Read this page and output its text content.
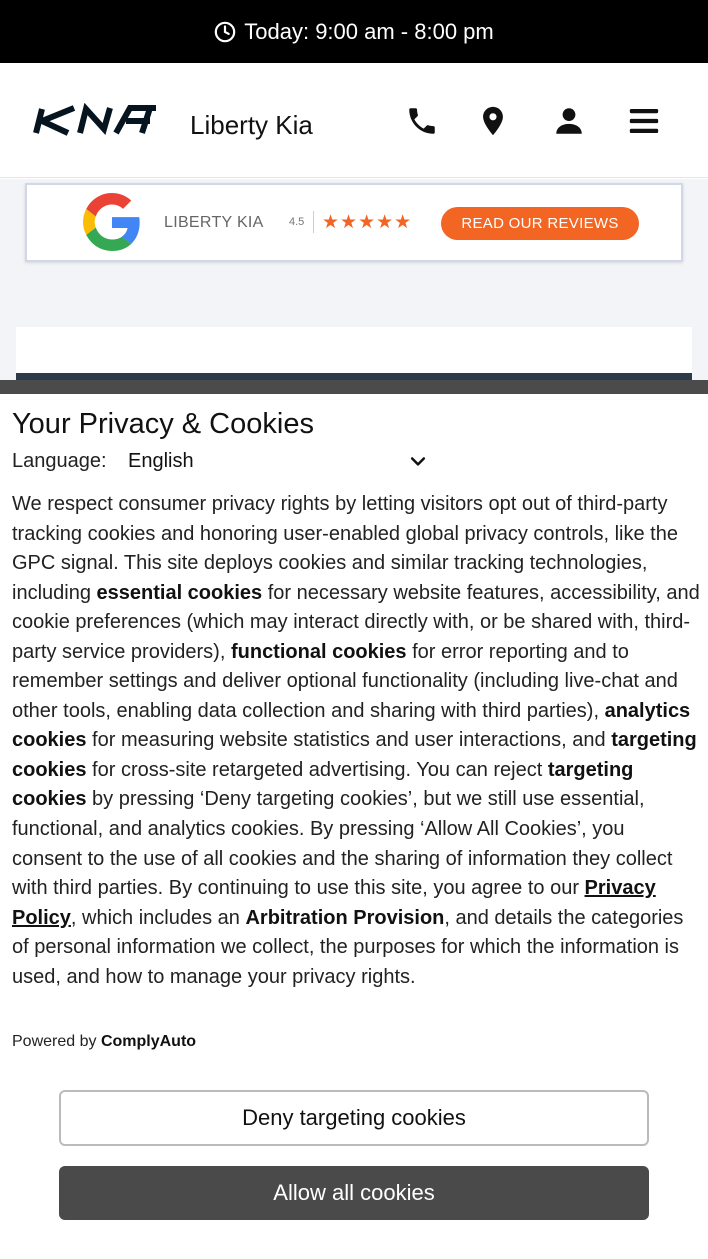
Today: 9:00 am - 8:00 pm
Liberty Kia
LIBERTY KIA 4.5 ★★★★★	READ OUR REVIEWS
Your Privacy & Cookies
Language: English
We respect consumer privacy rights by letting visitors opt out of third-party tracking cookies and honoring user-enabled global privacy controls, like the GPC signal. This site deploys cookies and similar tracking technologies, including essential cookies for necessary website features, accessibility, and cookie preferences (which may interact directly with, or be shared with, third-party service providers), functional cookies for error reporting and to remember settings and deliver optional functionality (including live-chat and other tools, enabling data collection and sharing with third parties), analytics cookies for measuring website statistics and user interactions, and targeting cookies for cross-site retargeted advertising. You can reject targeting cookies by pressing ‘Deny targeting cookies’, but we still use essential, functional, and analytics cookies. By pressing ‘Allow All Cookies’, you consent to the use of all cookies and the sharing of information they collect with third parties. By continuing to use this site, you agree to our Privacy Policy, which includes an Arbitration Provision, and details the categories of personal information we collect, the purposes for which the information is used, and how to manage your privacy rights.
Powered by ComplyAuto
Deny targeting cookies
Allow all cookies
